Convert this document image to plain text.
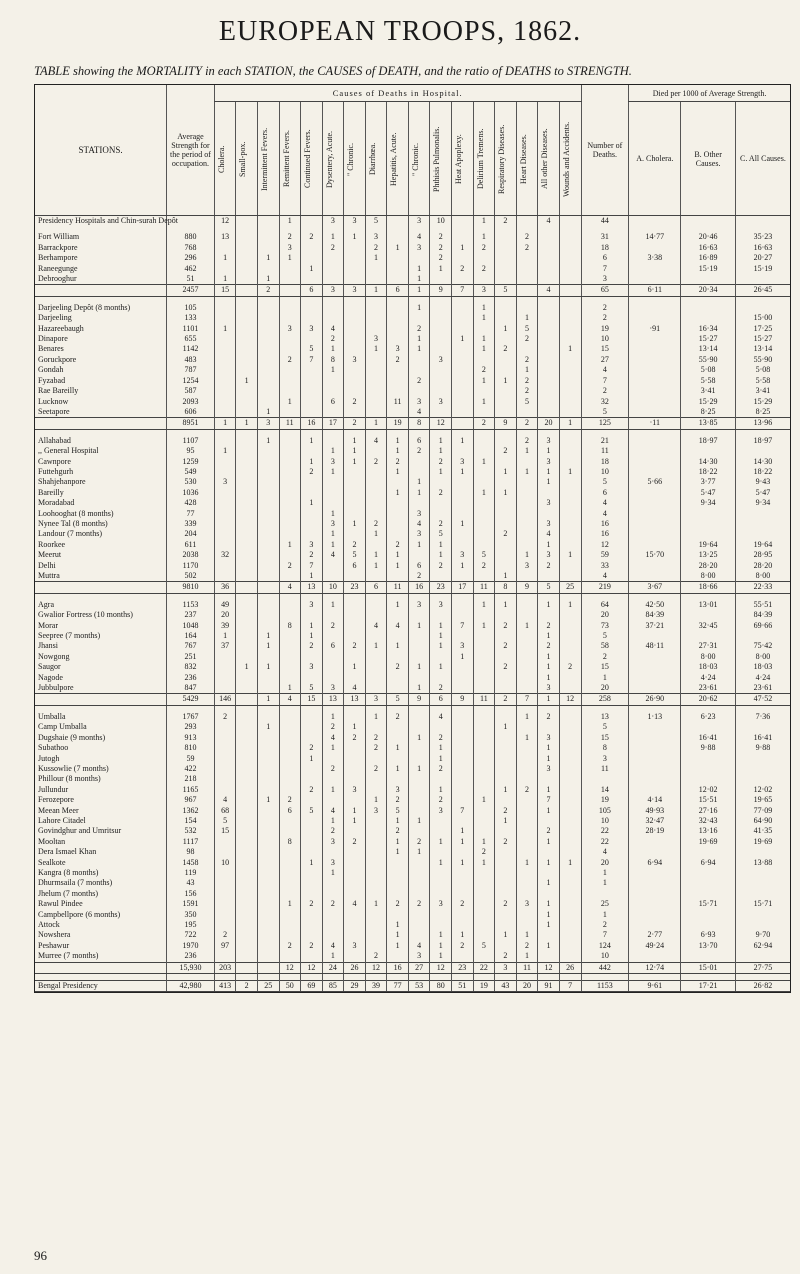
EUROPEAN TROOPS, 1862.
TABLE showing the MORTALITY in each STATION, the CAUSES of DEATH, and the ratio of DEATHS to STRENGTH.
STATIONS.		Average Strength for the period of occupation.	Causes of Deaths in Hospital.																	Number of Deaths.	Died per 1000 of Average Strength.		

			Cholera.	Small-pox.	Intermittent Fevers.	Remittent Fevers.	Continued Fevers.	Dysentery, Acute.	" Chronic.	Diarrhœa.	Hepatitis, Acute.	" Chronic.	Phthisis Pulmonalis.	Heat Apoplexy.	Delirium Tremens.	Respiratory Diseases.	Heart Diseases.	All other Diseases.	Wounds and Accidents.		A. Cholera.	B. Other Causes.	C. All Causes.
Presidency Hospitals and Chin-surah Depôt			12			1		3	3	5		3	10		1	2		4		44			

Fort William		880	13			2	2	1	1	3		4	2		1		2			31	14·77	20·46	35·23
Barrackpore		768				3		2		2	1	3	2	1	2		2			18		16·63	16·63
Berhampore		296	1		1	1				1			2							6	3·38	16·89	20·27
Raneegunge		462					1					1	1	2	2					7		15·19	15·19
Debrooghur		51	1		1							1								3			
		2457	15		2		6	3	3	1	6	1	9	7	3	5		4		65	6·11	20·34	26·45

Darjeeling Depôt (8 months)		105										1			1					2			
Darjeeling		133													1		1			2			15·00
Hazareebaugh		1101	1			3	3	4				2				1	5			19	·91	16·34	17·25
Dinapore		655						2		3		1		1	1		2			10		15·27	15·27
Benares		1142					5	1		1	3	1			1	2			1	15		13·14	13·14
Goruckpore		483				2	7	8	3		2		3				2			27		55·90	55·90
Gondah		787						1							2		1			4		5·08	5·08
Fyzabad		1254		1								2			1	1	2			7		5·58	5·58
Rae Bareilly		587															2			2		3·41	3·41
Lucknow		2093				1		6	2		11	3	3		1		5			32		15·29	15·29
Seetapore		606			1							4								5		8·25	8·25
		8951	1	1	3	11	16	17	2	1	19	8	12		2	9	2	20	1	125	·11	13·85	13·96

Allahabad		1107			1		1		1	4	1	6	1	1			2	3		21		18·97	18·97
,, General Hospital		95	1					1	1		1	2	1			2	1	1		11			
Cawnpore		1259					1	3	1	2	2		2	3	1			3		18		14·30	14·30
Futtehgurh		549					2	1			1		1	1		1	1	1	1	10		18·22	18·22
Shahjehanpore		530	3									1						1		5	5·66	3·77	9·43
Bareilly		1036									1	1	2		1	1				6		5·47	5·47
Moradabad		428					1											3		4		9·34	9·34
Loohooghat (8 months)		77						1				3								4			
Nynee Tal (8 months)		339						3	1	2		4	2	1				3		16			
Landour (7 months)		204						1		1		3	5			2		4		16			
Roorkee		611				1	3	1	2		2	1	1					1		12		19·64	19·64
Meerut		2038	32				2	4	5	1	1		1	3	5		1	3	1	59	15·70	13·25	28·95
Delhi		1170				2	7		6	1	1	6	2	1	2		3	2		33		28·20	28·20
Muttra		502					1					2				1				4		8·00	8·00
		9810	36			4	13	10	23	6	11	16	23	17	11	8	9	5	25	219	3·67	18·66	22·33

Agra		1153	49				3	1			1	3	3		1	1		1	1	64	42·50	13·01	55·51
Gwalior Fortress (10 months)		237	20																	20	84·39		84·39
Morar		1048	39			8	1	2		4	4	1	1	7	1	2	1	2		73	37·21	32·45	69·66
Seepree (7 months)		164	1		1		1						1					1		5			
Jhansi		767	37		1		2	6	2	1	1		1	3		2		2		58	48·11	27·31	75·42
Nowgong		251												1				1		2		8·00	8·00
Saugor		832		1	1		3		1		2	1	1			2		1	2	15		18·03	18·03
Nagode		236																1		1		4·24	4·24
Jubbulpore		847				1	5	3	4			1	2					3		20		23·61	23·61
		5429	146		1	4	15	13	13	3	5	9	6	9	11	2	7	1	12	258	26·90	20·62	47·52

Umballa		1767	2					1		1	2		4				1	2		13	1·13	6·23	7·36
Camp Umballa		293			1			2	1							1				5			
Dugshaie (9 months)		913						4	2	2		1	2				1	3		15		16·41	16·41
Subathoo		810					2	1		2	1		1					1		8		9·88	9·88
Jutogh		59					1						1					1		3			
Kussowlie (7 months)		422						2		2	1	1	2					3		11			
Phillour (8 months)		218																					
Jullundur		1165					2	1	3		3		1			1	2	1		14		12·02	12·02
Ferozepore		967	4		1	2				1	2		2		1			7		19	4·14	15·51	19·65
Meean Meer		1362	68			6	5	4	1	3	5		3	7		2		1		105	49·93	27·16	77·09
Lahore Citadel		154	5					1	1		1	1				1				10	32·47	32·43	64·90
Govindghur and Umritsur		532	15					2			2			1				2		22	28·19	13·16	41·35
Mooltan		1117				8		3	2		1	2	1	1	1	2		1		22		19·69	19·69
Dera Ismael Khan		98									1	1			2					4			
Sealkote		1458	10				1	3					1	1	1		1	1	1	20	6·94	6·94	13·88
Kangra (8 months)		119						1												1			
Dhurmsaila (7 months)		43																1		1			
Jhelum (7 months)		156																					
Rawul Pindee		1591				1	2	2	4	1	2	2	3	2		2	3	1		25		15·71	15·71
Campbellpore (6 months)		350																1		1			
Attock		195									1							1		2			
Nowshera		722	2								1		1	1		1	1			7	2·77	6·93	9·70
Peshawur		1970	97			2	2	4	3		1	4	1	2	5		2	1		124	49·24	13·70	62·94
Murree (7 months)		236						1		2		3	1			2	1			10			
		15,930	203			12	12	24	26	12	16	27	12	23	22	3	11	12	26	442	12·74	15·01	27·75

Bengal Presidency		42,980	413	2	25	50	69	85	29	39	77	53	80	51	19	43	20	91	7	1153	9·61	17·21	26·82
96
